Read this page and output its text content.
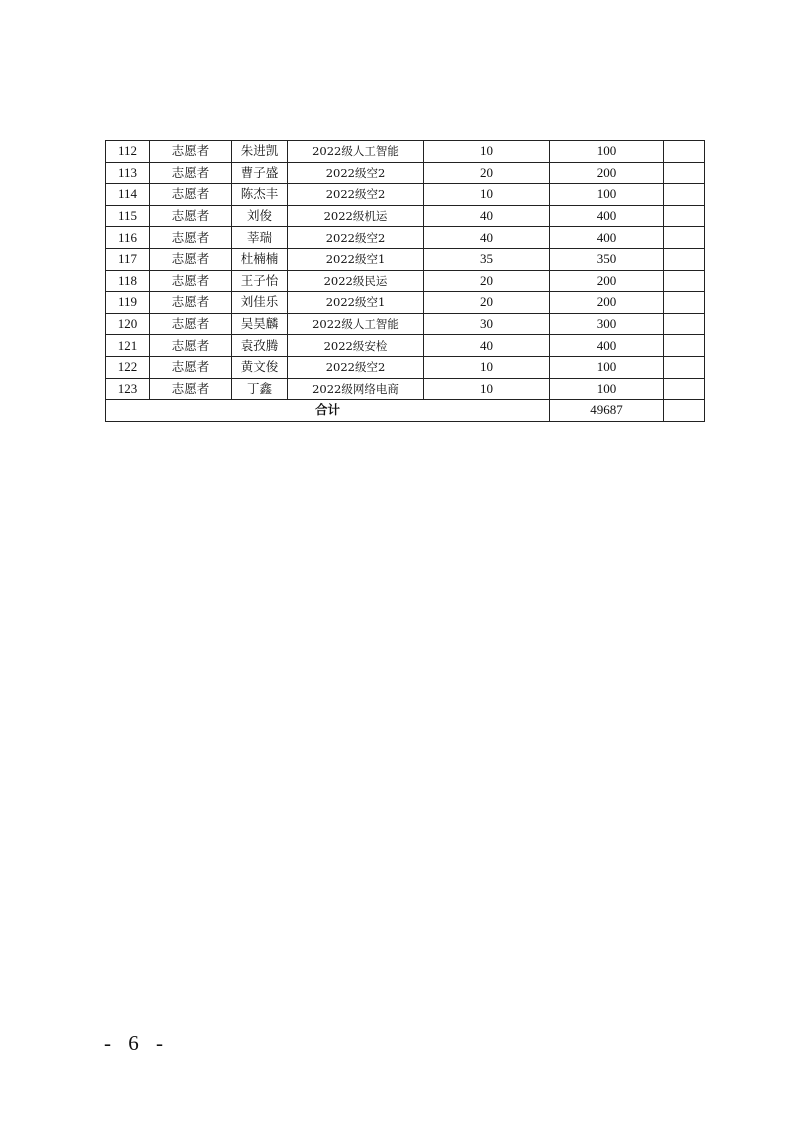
112	志愿者	朱进凯	2022级人工智能	10	100	
113	志愿者	曹子盛	2022级空2	20	200	
114	志愿者	陈杰丰	2022级空2	10	100	
115	志愿者	刘俊	2022级机运	40	400	
116	志愿者	莘瑞	2022级空2	40	400	
117	志愿者	杜楠楠	2022级空1	35	350	
118	志愿者	王子怡	2022级民运	20	200	
119	志愿者	刘佳乐	2022级空1	20	200	
120	志愿者	吴昊麟	2022级人工智能	30	300	
121	志愿者	袁孜腾	2022级安检	40	400	
122	志愿者	黄文俊	2022级空2	10	100	
123	志愿者	丁鑫	2022级网络电商	10	100	
合计					49687	
- 6 -
